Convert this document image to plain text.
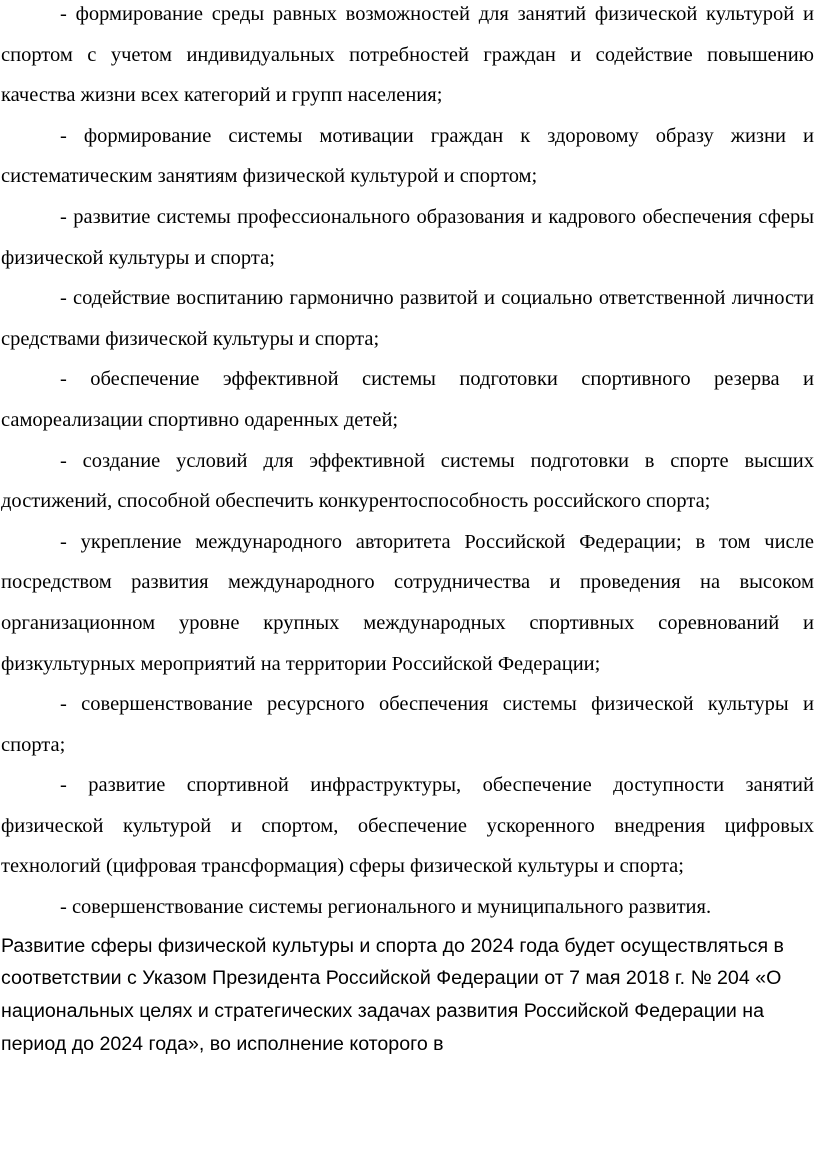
- формирование среды равных возможностей для занятий физической культурой и спортом с учетом индивидуальных потребностей граждан и содействие повышению качества жизни всех категорий и групп населения;

- формирование системы мотивации граждан к здоровому образу жизни и систематическим занятиям физической культурой и спортом;

- развитие системы профессионального образования и кадрового обеспечения сферы физической культуры и спорта;

- содействие воспитанию гармонично развитой и социально ответственной личности средствами физической культуры и спорта;

- обеспечение эффективной системы подготовки спортивного резерва и самореализации спортивно одаренных детей;

- создание условий для эффективной системы подготовки в спорте высших достижений, способной обеспечить конкурентоспособность российского спорта;

- укрепление международного авторитета Российской Федерации; в том числе посредством развития международного сотрудничества и проведения на высоком организационном уровне крупных международных спортивных соревнований и физкультурных мероприятий на территории Российской Федерации;

- совершенствование ресурсного обеспечения системы физической культуры и спорта;

- развитие спортивной инфраструктуры, обеспечение доступности занятий физической культурой и спортом, обеспечение ускоренного внедрения цифровых технологий (цифровая трансформация) сферы физической культуры и спорта;

- совершенствование системы регионального и муниципального развития.

Развитие сферы физической культуры и спорта до 2024 года будет осуществляться в соответствии с Указом Президента Российской Федерации от 7 мая 2018 г. № 204 «О национальных целях и стратегических задачах развития Российской Федерации на период до 2024 года», во исполнение которого в
